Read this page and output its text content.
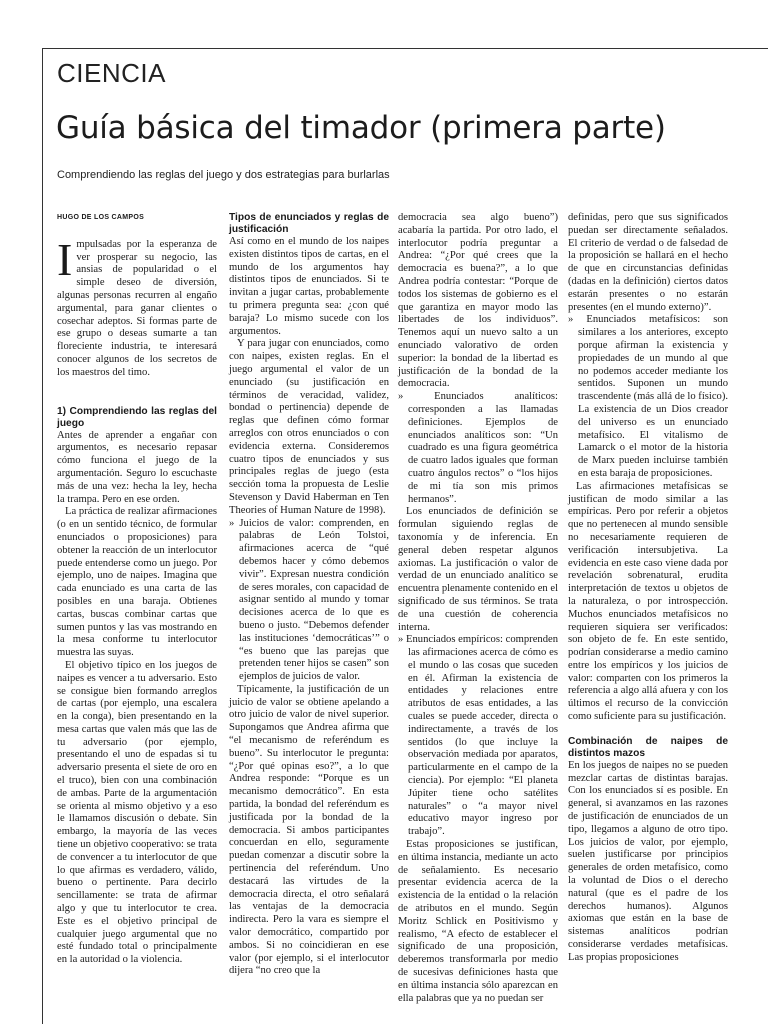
CIENCIA
Guía básica del timador (primera parte)
Comprendiendo las reglas del juego y dos estrategias para burlarlas
HUGO DE LOS CAMPOS

Impulsadas por la esperanza de ver prosperar su negocio, las ansias de popularidad o el simple deseo de diversión, algunas personas recurren al engaño argumental, para ganar clientes o cosechar adeptos. Si formas parte de ese grupo o deseas sumarte a tan floreciente industria, te interesará conocer algunos de los secretos de los maestros del timo.

1) Comprendiendo las reglas del juego

Antes de aprender a engañar con argumentos, es necesario repasar cómo funciona el juego de la argumentación. Seguro lo escuchaste más de una vez: hecha la ley, hecha la trampa. Pero en ese orden.

La práctica de realizar afirmaciones (o en un sentido técnico, de formular enunciados o proposiciones) para obtener la reacción de un interlocutor puede entenderse como un juego. Por ejemplo, uno de naipes. Imagina que cada enunciado es una carta de las posibles en una baraja. Obtienes cartas, buscas combinar cartas que sumen puntos y las vas mostrando en la mesa conforme tu interlocutor muestra las suyas.

El objetivo típico en los juegos de naipes es vencer a tu adversario. Esto se consigue bien formando arreglos de cartas (por ejemplo, una escalera en la conga), bien presentando en la mesa cartas que valen más que las de tu adversario (por ejemplo, presentando el uno de espadas si tu adversario presenta el siete de oro en el truco), bien con una combinación de ambas. Parte de la argumentación se orienta al mismo objetivo y a eso le llamamos discusión o debate. Sin embargo, la mayoría de las veces tiene un objetivo cooperativo: se trata de convencer a tu interlocutor de que lo que afirmas es verdadero, válido, bueno o pertinente. Para decirlo sencillamente: se trata de afirmar algo y que tu interlocutor te crea. Este es el objetivo principal de cualquier juego argumental que no esté fundado total o principalmente en la autoridad o la violencia.

Tipos de enunciados y reglas de justificación

Así como en el mundo de los naipes existen distintos tipos de cartas, en el mundo de los argumentos hay distintos tipos de enunciados. Si te invitan a jugar cartas, probablemente tu primera pregunta sea: ¿con qué baraja? Lo mismo sucede con los argumentos.

Y para jugar con enunciados, como con naipes, existen reglas. En el juego argumental el valor de un enunciado (su justificación en términos de veracidad, validez, bondad o pertinencia) depende de reglas que definen cómo formar arreglos con otros enunciados o con evidencia externa. Consideremos cuatro tipos de enunciados y sus principales reglas de juego (esta sección toma la propuesta de Leslie Stevenson y David Haberman en Ten Theories of Human Nature de 1998).

» Juicios de valor: comprenden, en palabras de León Tolstoi, afirmaciones acerca de “qué debemos hacer y cómo debemos vivir”. Expresan nuestra condición de seres morales, con capacidad de asignar sentido al mundo y tomar decisiones acerca de lo que es bueno o justo. “Debemos defender las instituciones ‘democráticas’” o “es bueno que las parejas que pretenden tener hijos se casen” son ejemplos de juicios de valor.

Típicamente, la justificación de un juicio de valor se obtiene apelando a otro juicio de valor de nivel superior. Supongamos que Andrea afirma que “el mecanismo de referéndum es bueno”. Su interlocutor le pregunta: “¿Por qué opinas eso?”, a lo que Andrea responde: “Porque es un mecanismo democrático”. En esta partida, la bondad del referéndum es justificada por la bondad de la democracia. Si ambos participantes concuerdan en ello, seguramente puedan comenzar a discutir sobre la pertinencia del referéndum. Uno destacará las virtudes de la democracia directa, el otro señalará las ventajas de la democracia indirecta. Pero la vara es siempre el valor democrático, compartido por ambos. Si no coincidieran en ese valor (por ejemplo, si el interlocutor dijera “no creo que la

democracia sea algo bueno”) acabaría la partida. Por otro lado, el interlocutor podría preguntar a Andrea: “¿Por qué crees que la democracia es buena?”, a lo que Andrea podría contestar: “Porque de todos los sistemas de gobierno es el que garantiza en mayor modo las libertades de los individuos”. Tenemos aquí un nuevo salto a un enunciado valorativo de orden superior: la bondad de la libertad es justificación de la bondad de la democracia.

» Enunciados analíticos: corresponden a las llamadas definiciones. Ejemplos de enunciados analíticos son: “Un cuadrado es una figura geométrica de cuatro lados iguales que forman cuatro ángulos rectos” o “los hijos de mi tía son mis primos hermanos”.

Los enunciados de definición se formulan siguiendo reglas de taxonomía y de inferencia. En general deben respetar algunos axiomas. La justificación o valor de verdad de un enunciado analítico se encuentra plenamente contenido en el significado de sus términos. Se trata de una cuestión de coherencia interna.

» Enunciados empíricos: comprenden las afirmaciones acerca de cómo es el mundo o las cosas que suceden en él. Afirman la existencia de entidades y relaciones entre atributos de esas entidades, a las cuales se puede acceder, directa o indirectamente, a través de los sentidos (lo que incluye la observación mediada por aparatos, particularmente en el campo de la ciencia). Por ejemplo: “El planeta Júpiter tiene ocho satélites naturales” o “a mayor nivel educativo mayor ingreso por trabajo”.

Estas proposiciones se justifican, en última instancia, mediante un acto de señalamiento. Es necesario presentar evidencia acerca de la existencia de la entidad o la relación de atributos en el mundo. Según Moritz Schlick en Positivismo y realismo, “A efecto de establecer el significado de una proposición, deberemos transformarla por medio de sucesivas definiciones hasta que en última instancia sólo aparezcan en ella palabras que ya no puedan ser

definidas, pero que sus significados puedan ser directamente señalados. El criterio de verdad o de falsedad de la proposición se hallará en el hecho de que en circunstancias definidas (dadas en la definición) ciertos datos estarán presentes o no estarán presentes (en el mundo externo)”.

» Enunciados metafísicos: son similares a los anteriores, excepto porque afirman la existencia y propiedades de un mundo al que no podemos acceder mediante los sentidos. Suponen un mundo trascendente (más allá de lo físico). La existencia de un Dios creador del universo es un enunciado metafísico. El vitalismo de Lamarck o el motor de la historia de Marx pueden incluirse también en esta baraja de proposiciones.

Las afirmaciones metafísicas se justifican de modo similar a las empíricas. Pero por referir a objetos que no pertenecen al mundo sensible no necesariamente requieren de verificación intersubjetiva. La evidencia en este caso viene dada por revelación sobrenatural, erudita interpretación de textos u objetos de la naturaleza, o por introspección. Muchos enunciados metafísicos no requieren siquiera ser verificados: son objeto de fe. En este sentido, podrían considerarse a medio camino entre los empíricos y los juicios de valor: comparten con los primeros la referencia a algo allá afuera y con los últimos el recurso de la convicción como suficiente para su justificación.

Combinación de naipes de distintos mazos

En los juegos de naipes no se pueden mezclar cartas de distintas barajas. Con los enunciados sí es posible. En general, si avanzamos en las razones de justificación de enunciados de un tipo, llegamos a alguno de otro tipo. Los juicios de valor, por ejemplo, suelen justificarse por principios generales de orden metafísico, como la voluntad de Dios o el derecho natural (que es el padre de los derechos humanos). Algunos axiomas que están en la base de sistemas analíticos podrían considerarse verdades metafísicas. Las propias proposiciones
